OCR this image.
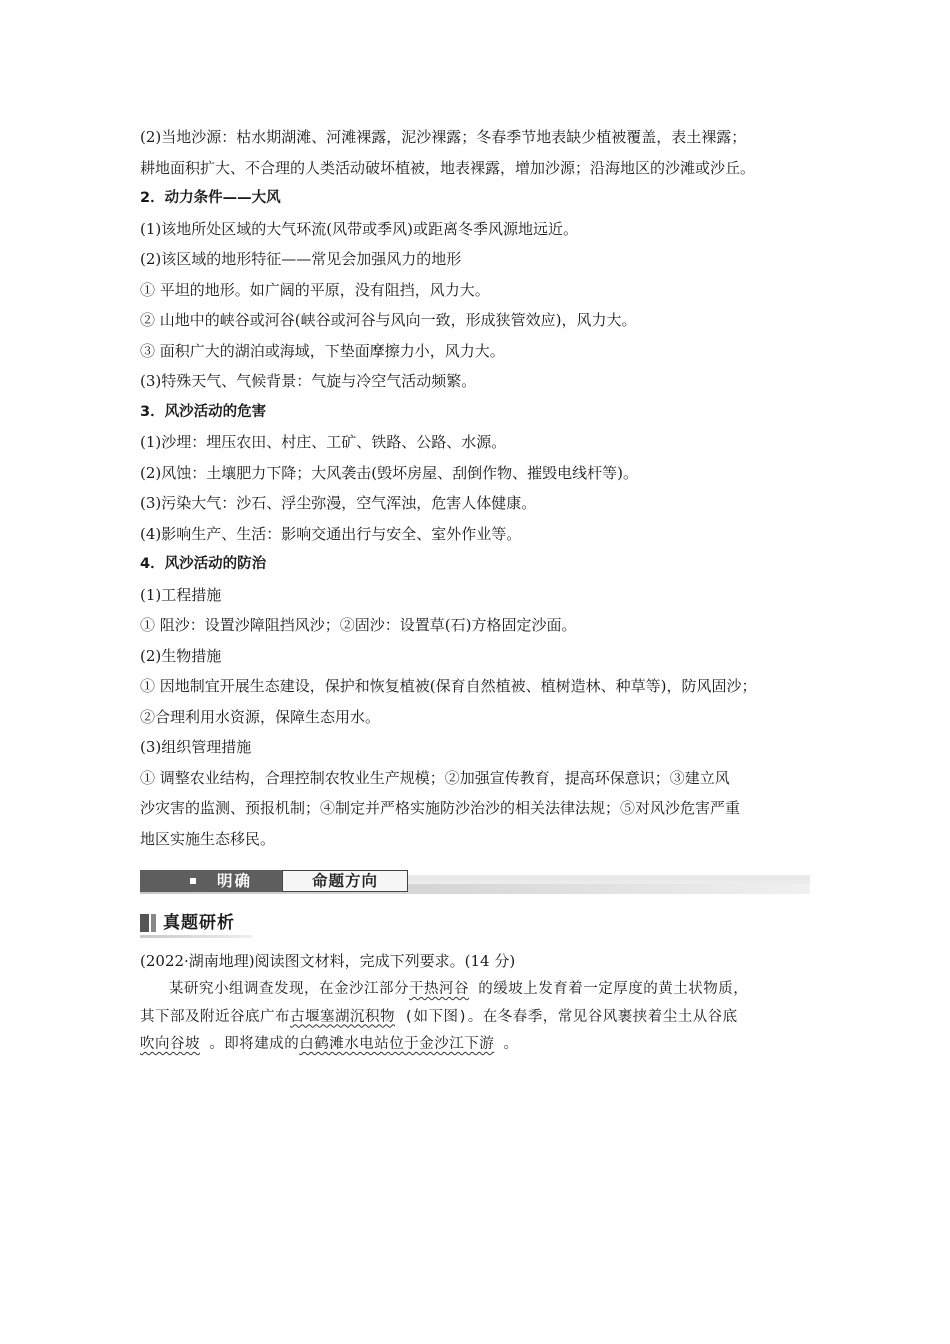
(2)当地沙源：枯水期湖滩、河滩裸露，泥沙裸露；冬春季节地表缺少植被覆盖，表土裸露；
耕地面积扩大、不合理的人类活动破坏植被，地表裸露，增加沙源；沿海地区的沙滩或沙丘。
2．动力条件——大风
(1)该地所处区域的大气环流(风带或季风)或距离冬季风源地远近。
(2)该区域的地形特征——常见会加强风力的地形
① 平坦的地形。如广阔的平原，没有阻挡，风力大。
② 山地中的峡谷或河谷(峡谷或河谷与风向一致，形成狭管效应)，风力大。
③ 面积广大的湖泊或海域，下垫面摩擦力小，风力大。
(3)特殊天气、气候背景：气旋与冷空气活动频繁。
3．风沙活动的危害
(1)沙埋：埋压农田、村庄、工矿、铁路、公路、水源。
(2)风蚀：土壤肥力下降；大风袭击(毁坏房屋、刮倒作物、摧毁电线杆等)。
(3)污染大气：沙石、浮尘弥漫，空气浑浊，危害人体健康。
(4)影响生产、生活：影响交通出行与安全、室外作业等。
4．风沙活动的防治
(1)工程措施
① 阻沙：设置沙障阻挡风沙；②固沙：设置草(石)方格固定沙面。
(2)生物措施
① 因地制宜开展生态建设，保护和恢复植被(保育自然植被、植树造林、种草等)，防风固沙；
②合理利用水资源，保障生态用水。
(3)组织管理措施
① 调整农业结构，合理控制农牧业生产规模；②加强宣传教育，提高环保意识；③建立风
沙灾害的监测、预报机制；④制定并严格实施防沙治沙的相关法律法规；⑤对风沙危害严重
地区实施生态移民。
明确	命题方向
真题研析
(2022·湖南地理)阅读图文材料，完成下列要求。(14 分)

某研究小组调查发现，在金沙江部分干热河谷 的缓坡上发育着一定厚度的黄土状物质，

其下部及附近谷底广布古堰塞湖沉积物 (如下图)。在冬春季，常见谷风裹挟着尘土从谷底

吹向谷坡 。即将建成的白鹤滩水电站位于金沙江下游 。
